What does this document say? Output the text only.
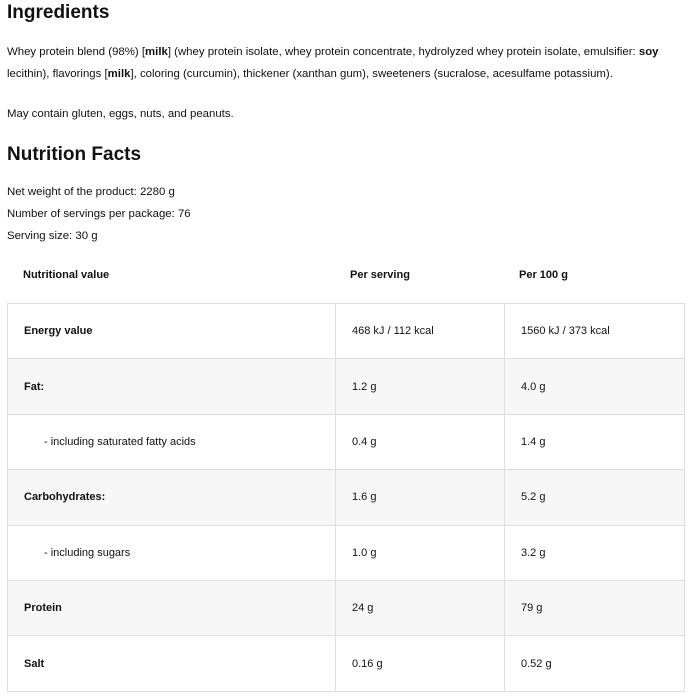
Ingredients

Whey protein blend (98%) [milk] (whey protein isolate, whey protein concentrate, hydrolyzed whey protein isolate, emulsifier: soy lecithin), flavorings [milk], coloring (curcumin), thickener (xanthan gum), sweeteners (sucralose, acesulfame potassium).

May contain gluten, eggs, nuts, and peanuts.

Nutrition Facts

Net weight of the product: 2280 g

Number of servings per package: 76

Serving size: 30 g

Nutritional value	Per serving	Per 100 g
Energy value	468 kJ / 112 kcal	1560 kJ / 373 kcal
Fat:	1.2 g	4.0 g
- including saturated fatty acids	0.4 g	1.4 g
Carbohydrates:	1.6 g	5.2 g
- including sugars	1.0 g	3.2 g
Protein	24 g	79 g
Salt	0.16 g	0.52 g
